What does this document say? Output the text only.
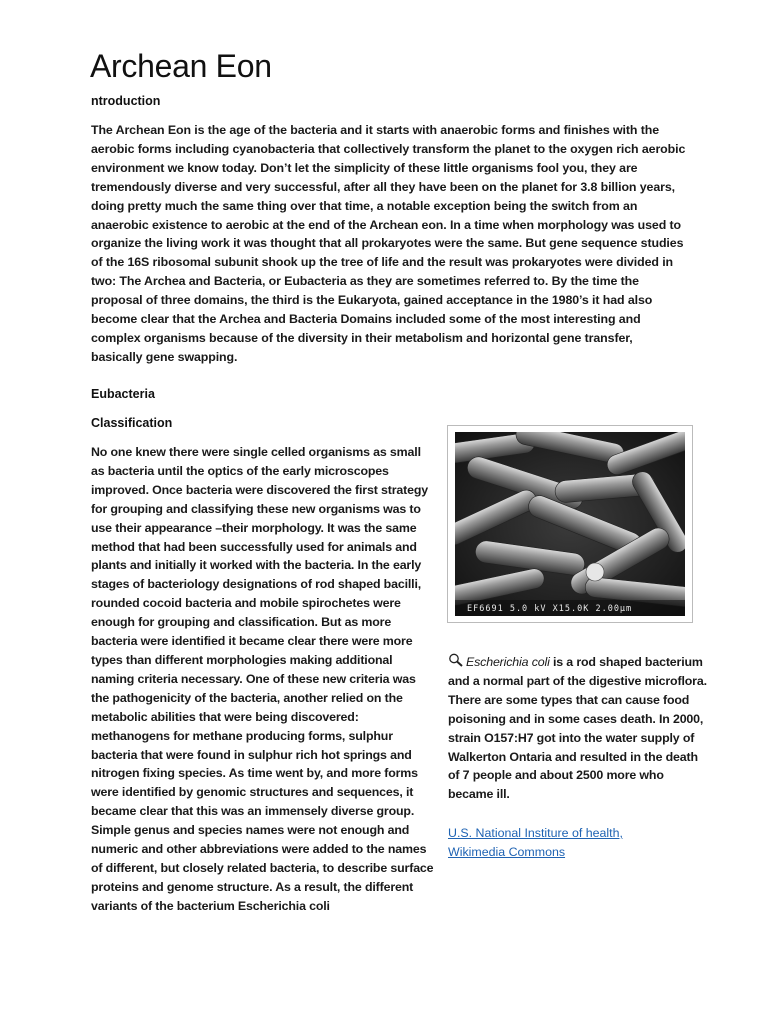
Archean Eon

ntroduction

The Archean Eon is the age of the bacteria and it starts with anaerobic forms and finishes with the aerobic forms including cyanobacteria that collectively transform the planet to the oxygen rich aerobic environment we know today. Don’t let the simplicity of these little organisms fool you, they are tremendously diverse and very successful, after all they have been on the planet for 3.8 billion years, doing pretty much the same thing over that time, a notable exception being the switch from an anaerobic existence to aerobic at the end of the Archean eon. In a time when morphology was used to organize the living work it was thought that all prokaryotes were the same. But gene sequence studies of the 16S ribosomal subunit shook up the tree of life and the result was prokaryotes were divided in two: The Archea and Bacteria, or Eubacteria as they are sometimes referred to. By the time the proposal of three domains, the third is the Eukaryota, gained acceptance in the 1980’s it had also become clear that the Archea and Bacteria Domains included some of the most interesting and complex organisms because of the diversity in their metabolism and horizontal gene transfer, basically gene swapping.

Eubacteria

Classification

No one knew there were single celled organisms as small as bacteria until the optics of the early microscopes improved. Once bacteria were discovered the first strategy for grouping and classifying these new organisms was to use their appearance –their morphology. It was the same method that had been successfully used for animals and plants and initially it worked with the bacteria. In the early stages of bacteriology designations of rod shaped bacilli, rounded cocoid bacteria and mobile spirochetes were enough for grouping and classification. But as more bacteria were identified it became clear there were more types than different morphologies making additional naming criteria necessary. One of these new criteria was the pathogenicity of the bacteria, another relied on the metabolic abilities that were being discovered: methanogens for methane producing forms, sulphur bacteria that were found in sulphur rich hot springs and nitrogen fixing species. As time went by, and more forms were identified by genomic structures and sequences, it became clear that this was an immensely diverse group. Simple genus and species names were not enough and numeric and other abbreviations were added to the names of different, but closely related bacteria, to describe surface proteins and genome structure. As a result, the different variants of the bacterium Escherichia coli

EF6691 5.0 kV X15.0K 2.00µm

Escherichia coli is a rod shaped bacterium and a normal part of the digestive microflora. There are some types that can cause food poisoning and in some cases death. In 2000, strain O157:H7 got into the water supply of Walkerton Ontaria and resulted in the death of 7 people and about 2500 more who became ill.

U.S. National Institure of health,
Wikimedia Commons
